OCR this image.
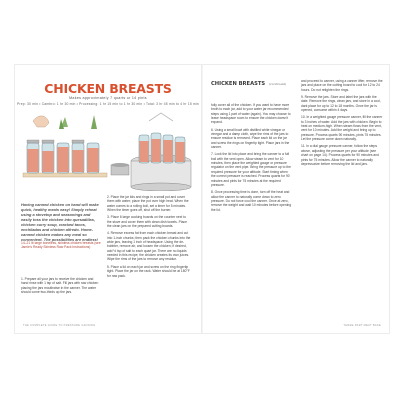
CHICKEN BREASTS
Makes approximately 7 quarts or 14 pints
Prep: 30 min • Cambro: 1 hr 30 min • Processing: 1 hr 15 min to 1 hr 30 min • Total: 3 hr 45 min to 4 hr 15 min
Having canned chicken on hand will make quick, healthy meals easy! Simply reheat using a stovetop and seasonings and easily toss the chicken into quesadillas, chicken curry soup, cracked tacos, enchiladas and chicken alfredo. Home-canned chicken makes any meal so convenient. The possibilities are endless!
14–21 lb large boneless, skinless chicken breasts (see Jamie's Ready Skinless Raw Pack Instructions)

1. Prepare all your jars to receive the chicken and hand rinse with 1 tsp of salt. Fill jars with raw chicken placing the jars mouthwise in the canner. The water should come two-thirds up the jars.

2. Place the jar lids and rings in a small pot and cover them with water; place the pot over high heat. When the water comes to a rolling boil, set a timer for 5 minutes. When the timer goes off, shut off the burner.

3. Place 6 large cooking boards on the counter next to the stove and cover them with clean dish towels. Place the clean jars on the prepared cutting boards.

4. Remove excess fat from each chicken breast and cut into 1-inch chunks; then pack the chicken chunks into the wide jars, leaving 1 inch of headspace. Using the de-bubbler, remove air, and loosen the chicken; if desired, add ½ tsp of salt to each quart jar. There are no liquids needed in this recipe; the chicken creates its own juices. Wipe the rims of the jars to remove any residue.

5. Place a lid on each jar and screw on the ring fingertip tight. Place the jar on the rack. Water should be at 180°F for raw pack.

THE COMPLETE GUIDE TO PRESSURE CANNING
CHICKEN BREASTS (continued)

fully cover all of the chicken. If you want to have more broth to each jar, add to your water jar recommended steps using 1 part of water (again). You may choose to leave headspace room to ensure the chicken doesn't expand.

6. Using a small bowl with distilled white vinegar or vinegar and a damp cloth, wipe the rims of the jars to ensure residue is removed. Place each lid on the jar and screw the rings on fingertip tight. Place jars in the canner.

7. Lock the lid into place and bring the canner to a full boil with the vent open. Allow steam to vent for 10 minutes, then place the weighted gauge or pressure regulator on the vent pipe. Bring the pressure up to the required pressure for your altitude. Start timing when the correct pressure is reached. Process quarts for 90 minutes and pints for 75 minutes at the required pressure.

8. Once processing time is done, turn off the heat and allow the canner to naturally come down to zero pressure. Do not force cool the canner. Once at zero, remove the weight and wait 10 minutes before opening the lid.

and proceed to canner, using a canner lifter, remove the jars and place on the cutting board to cool for 12 to 24 hours. Do not retighten the rings.

9. Remove the jars. Store and label the jars with the date. Remove the rings, clean jars, and store in a cool, dark place for up to 12 to 18 months. Once the jar is opened, consume within 4 days.

10. In a weighted gauge pressure canner, fill the canner to 3 inches of water. Add the jars with chicken. Begin to heat on medium-high. When steam flows from the vent, vent for 10 minutes. Add the weight and bring up to pressure. Process quarts 90 minutes, pints 75 minutes. Let the pressure come down naturally.

11. In a dial gauge pressure canner, follow the steps above, adjusting the pressure per your altitude (see chart on page 14). Process quarts for 90 minutes and pints for 75 minutes. Allow the canner to naturally depressurize before removing the lid and jars.

THREE-PART MEAT BASE
